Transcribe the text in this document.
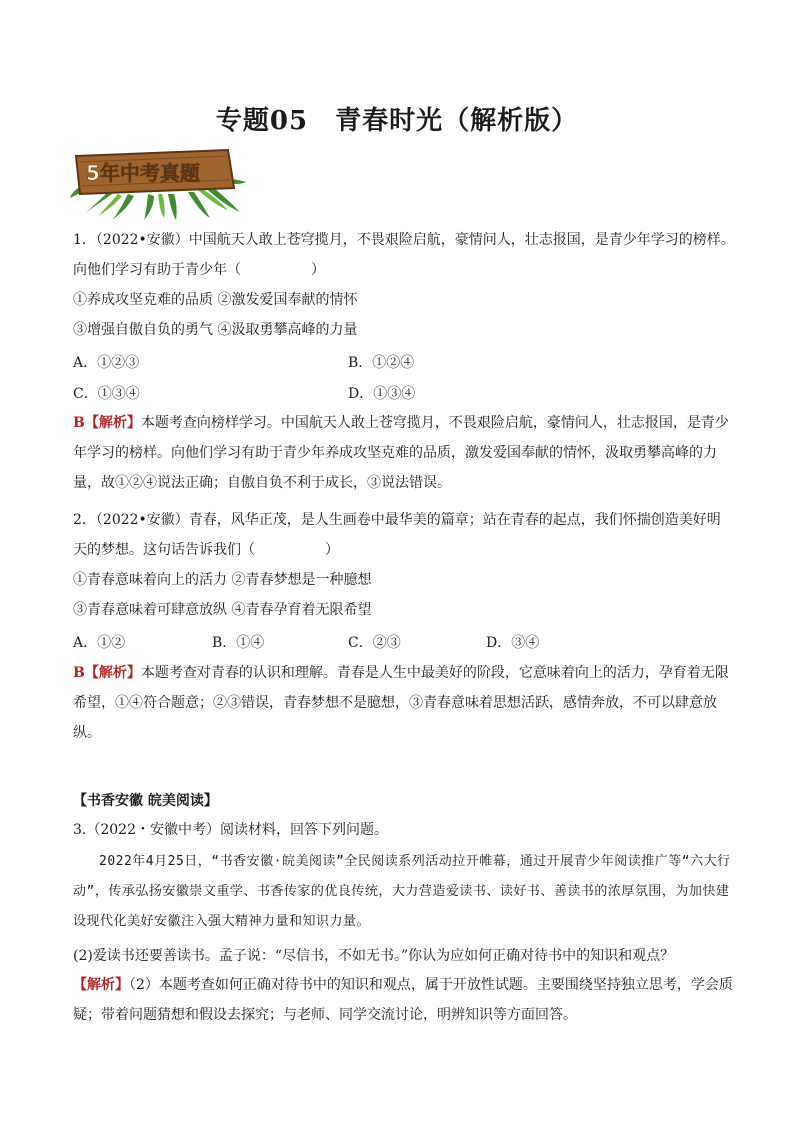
专题05　青春时光（解析版）
5年中考真题
1．（2022•安徽）中国航天人敢上苍穹揽月，不畏艰险启航，豪情问人，壮志报国，是青少年学习的榜样。
向他们学习有助于青少年（　　　　　）
①养成攻坚克难的品质 ②激发爱国奉献的情怀
③增强自傲自负的勇气 ④汲取勇攀高峰的力量
A．①②③	B．①②④
C．①③④	D．①③④
B【解析】本题考查向榜样学习。中国航天人敢上苍穹揽月，不畏艰险启航，豪情问人，壮志报国，是青少年学习的榜样。向他们学习有助于青少年养成攻坚克难的品质，激发爱国奉献的情怀，汲取勇攀高峰的力量，故①②④说法正确；自傲自负不利于成长，③说法错误。
2．（2022•安徽）青春，风华正茂，是人生画卷中最华美的篇章；站在青春的起点，我们怀揣创造美好明
天的梦想。这句话告诉我们（　　　　　）
①青春意味着向上的活力 ②青春梦想是一种臆想
③青春意味着可肆意放纵 ④青春孕育着无限希望
A．①②	B．①④	C．②③	D．③④
B【解析】本题考查对青春的认识和理解。青春是人生中最美好的阶段，它意味着向上的活力，孕育着无限希望，①④符合题意；②③错误，青春梦想不是臆想，③青春意味着思想活跃，感情奔放，不可以肆意放纵。
【书香安徽 皖美阅读】
3.（2022・安徽中考）阅读材料，回答下列问题。
2022年4月25日，“书香安徽·皖美阅读”全民阅读系列活动拉开帷幕，通过开展青少年阅读推广等“六大行动”，传承弘扬安徽崇文重学、书香传家的优良传统，大力营造爱读书、读好书、善读书的浓厚氛围，为加快建设现代化美好安徽注入强大精神力量和知识力量。
(2)爱读书还要善读书。孟子说：“尽信书，不如无书。”你认为应如何正确对待书中的知识和观点？
【解析】（2）本题考查如何正确对待书中的知识和观点，属于开放性试题。主要围绕坚持独立思考，学会质疑；带着问题猜想和假设去探究；与老师、同学交流讨论，明辨知识等方面回答。
